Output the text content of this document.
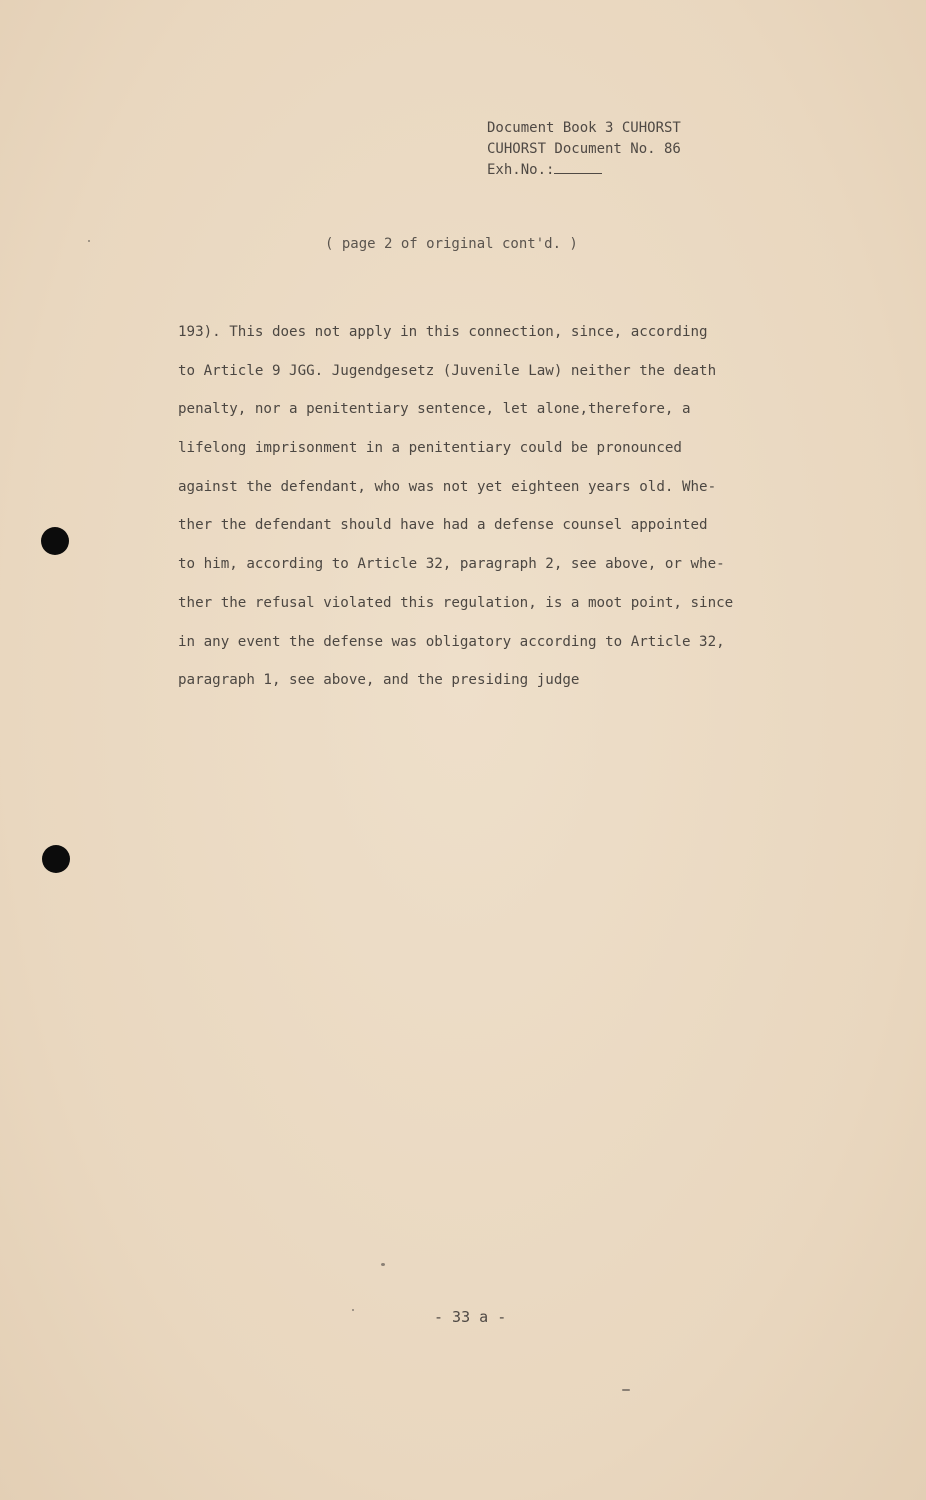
Document Book 3 CUHORST
CUHORST Document No. 86
Exh.No.:
( page 2 of original cont'd. )
193). This does not apply in this connection, since, according
to Article 9 JGG. Jugendgesetz (Juvenile Law) neither the death
penalty, nor a penitentiary sentence, let alone,therefore, a
lifelong imprisonment in a penitentiary could be pronounced
against the defendant, who was not yet eighteen years old. Whe-
ther the defendant should have had a defense counsel appointed
to him, according to Article 32, paragraph 2, see above, or whe-
ther the refusal violated this regulation, is a moot point, since
in any event the defense was obligatory according to Article 32,
paragraph 1, see above, and the presiding judge
- 33 a -
